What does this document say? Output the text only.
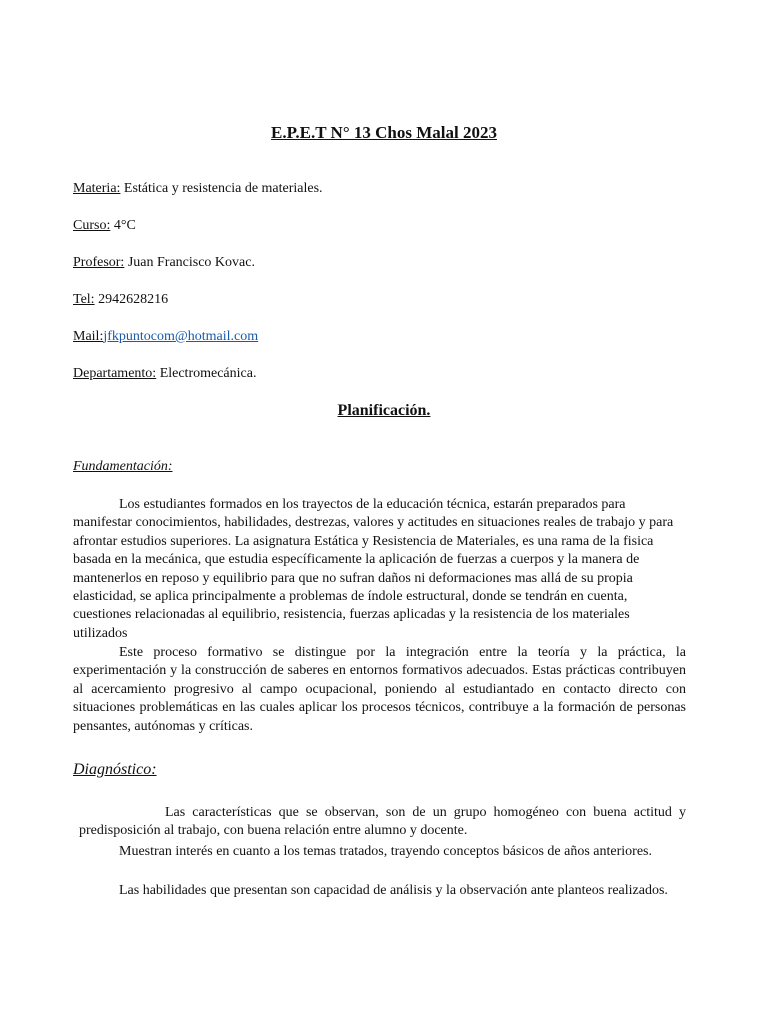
E.P.E.T N° 13 Chos Malal 2023
Materia: Estática y resistencia de materiales.
Curso: 4°C
Profesor: Juan Francisco Kovac.
Tel: 2942628216
Mail:jfkpuntocom@hotmail.com
Departamento: Electromecánica.
Planificación.
Fundamentación:

Los estudiantes formados en los trayectos de la educación técnica, estarán preparados para manifestar conocimientos, habilidades, destrezas, valores y actitudes en situaciones reales de trabajo y para afrontar estudios superiores. La asignatura Estática y Resistencia de Materiales, es una rama de la fisica basada en la mecánica, que estudia específicamente la aplicación de fuerzas a cuerpos y la manera de mantenerlos en reposo y equilibrio para que no sufran daños ni deformaciones mas allá de su propia elasticidad, se aplica principalmente a problemas de índole estructural, donde se tendrán en cuenta, cuestiones relacionadas al equilibrio, resistencia, fuerzas aplicadas y la resistencia de los materiales utilizados

Este proceso formativo se distingue por la integración entre la teoría y la práctica, la experimentación y la construcción de saberes en entornos formativos adecuados. Estas prácticas contribuyen al acercamiento progresivo al campo ocupacional, poniendo al estudiantado en contacto directo con situaciones problemáticas en las cuales aplicar los procesos técnicos, contribuye a la formación de personas pensantes, autónomas y críticas.

Diagnóstico:

Las características que se observan, son de un grupo homogéneo con buena actitud y predisposición al trabajo, con buena relación entre alumno y docente.

Muestran interés en cuanto a los temas tratados, trayendo conceptos básicos de años anteriores.

Las habilidades que presentan son capacidad de análisis y la observación ante planteos realizados.
